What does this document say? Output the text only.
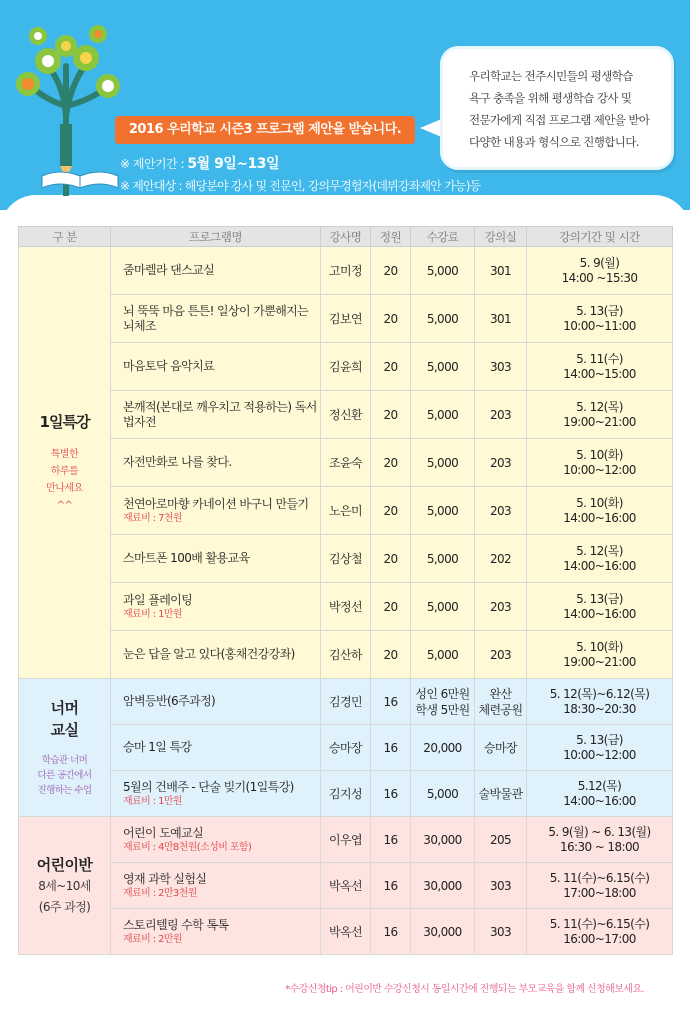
2016 우리학교 시즌3 프로그램 제안을 받습니다.
※ 제안기간 : 5월 9일~13일
※ 제안대상 : 해당분야 강사 및 전문인, 강의무경험자(데뷔강좌제안 가능)등
우리학교는 전주시민들의 평생학습
욕구 충족을 위해 평생학습 강사 및
전문가에게 직접 프로그램 제안을 받아
다양한 내용과 형식으로 진행합니다.
구 분	프로그램명	강사명	정원	수강료	강의실	강의기간 및 시간

1일특강
특별한
하루를
만나세요
^^	줌마렐라 댄스교실	고미정	20	5,000	301	5. 9(월)
14:00 ~15:30
	뇌 뚝뚝 마음 튼튼! 일상이 가뿐해지는 뇌체조	김보연	20	5,000	301	5. 13(금)
10:00~11:00
	마음토닥 음악치료	김윤희	20	5,000	303	5. 11(수)
14:00~15:00
	본깨적(본대로 깨우치고 적용하는) 독서법자전	정신환	20	5,000	203	5. 12(목)
19:00~21:00
	자전만화로 나를 찾다.	조윤숙	20	5,000	203	5. 10(화)
10:00~12:00
	천연아로마향 카네이션 바구니 만들기
재료비 : 7천원	노은미	20	5,000	203	5. 10(화)
14:00~16:00
	스마트폰 100배 활용교육	김상철	20	5,000	202	5. 12(목)
14:00~16:00
	과일 플레이팅
재료비 : 1만원	박정선	20	5,000	203	5. 13(금)
14:00~16:00
	눈은 답을 알고 있다(홍채건강강좌)	김산하	20	5,000	203	5. 10(화)
19:00~21:00

너머
교실
학습관 너머
다른 공간에서
진행하는 수업	암벽등반(6주과정)	김경민	16	성인 6만원
학생 5만원	완산
체련공원	5. 12(목)~6.12(목)
18:30~20:30
	승마 1일 특강	승마장	16	20,000	승마장	5. 13(금)
10:00~12:00
	5월의 건배주 - 단술 빚기(1일특강)
재료비 : 1만원	김지성	16	5,000	술박물관	5.12(목)
14:00~16:00

어린이반
8세~10세
(6주 과정)	어린이 도예교실
재료비 : 4만8천원(소성비 포함)	이우엽	16	30,000	205	5. 9(월) ~ 6. 13(월)
16:30 ~ 18:00
	영재 과학 실험실
재료비 : 2만3천원	박옥선	16	30,000	303	5. 11(수)~6.15(수)
17:00~18:00
	스토리텔링 수학 톡톡
재료비 : 2만원	박옥선	16	30,000	303	5. 11(수)~6.15(수)
16:00~17:00
*수강신청tip : 어린이반 수강신청시 동일시간에 진행되는 부모교육을 함께 신청해보세요.
